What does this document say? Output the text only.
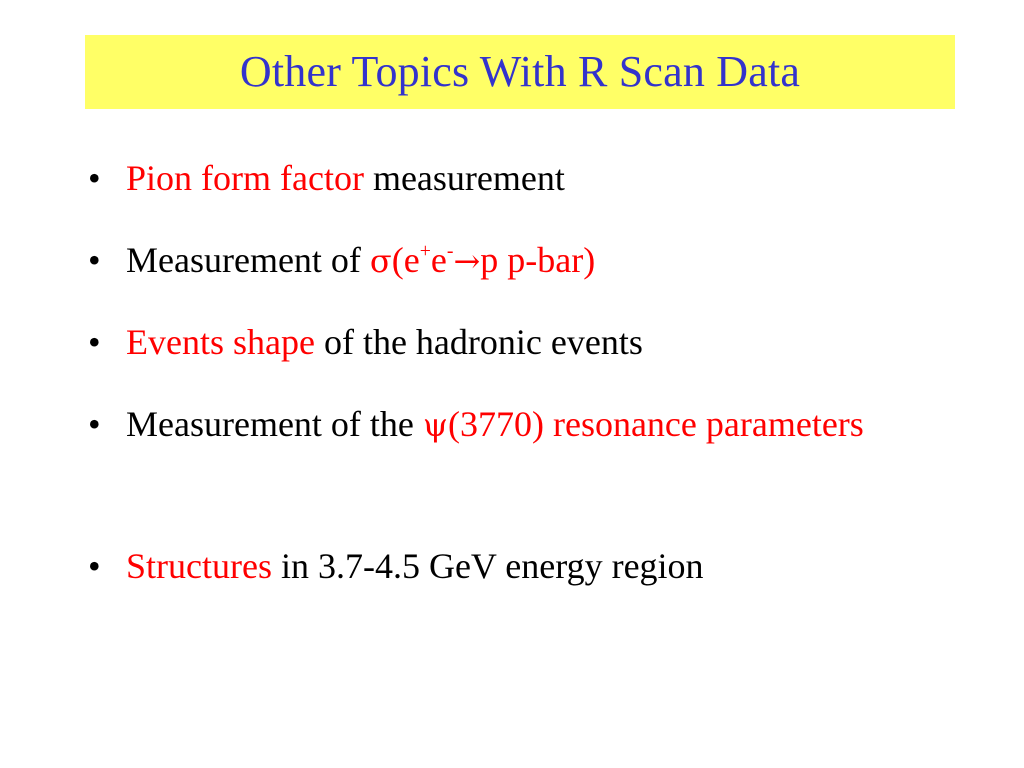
Other Topics With R Scan Data
• Pion form factor measurement
• Measurement of σ(e+e-→p p-bar)
• Events shape of the hadronic events
• Measurement of the ψ(3770) resonance parameters
• Structures in 3.7-4.5 GeV energy region
